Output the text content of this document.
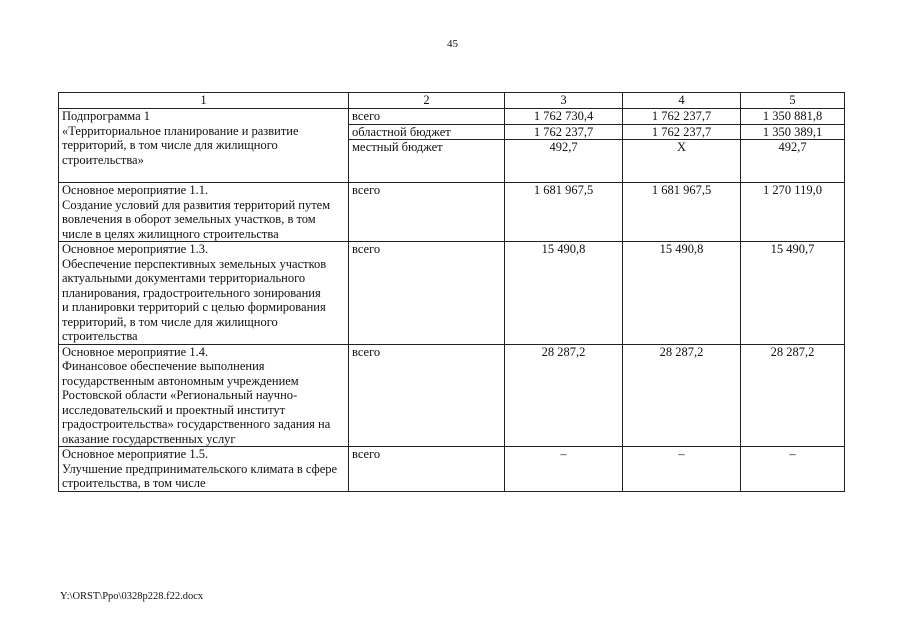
45
1	2	3	4	5
Подпрограмма 1
«Территориальное планирование и развитие территорий, в том числе для жилищного строительства»	всего	1 762 730,4	1 762 237,7	1 350 881,8
	областной бюджет	1 762 237,7	1 762 237,7	1 350 389,1
	местный бюджет	492,7	Х	492,7
Основное мероприятие 1.1.
Создание условий для развития территорий путем вовлечения в оборот земельных участков, в том числе в целях жилищного строительства	всего	1 681 967,5	1 681 967,5	1 270 119,0
Основное мероприятие 1.3.
Обеспечение перспективных земельных участков актуальными документами территориального планирования, градостроительного зонирования
и планировки территорий с целью формирования территорий, в том числе для жилищного строительства	всего	15 490,8	15 490,8	15 490,7
Основное мероприятие 1.4.
Финансовое обеспечение выполнения государственным автономным учреждением Ростовской области «Региональный научно-исследовательский и проектный институт градостроительства» государственного задания на оказание государственных услуг	всего	28 287,2	28 287,2	28 287,2
Основное мероприятие 1.5.
Улучшение предпринимательского климата в сфере строительства, в том числе	всего	–	–	–
Y:\ORST\Ppo\0328p228.f22.docx
